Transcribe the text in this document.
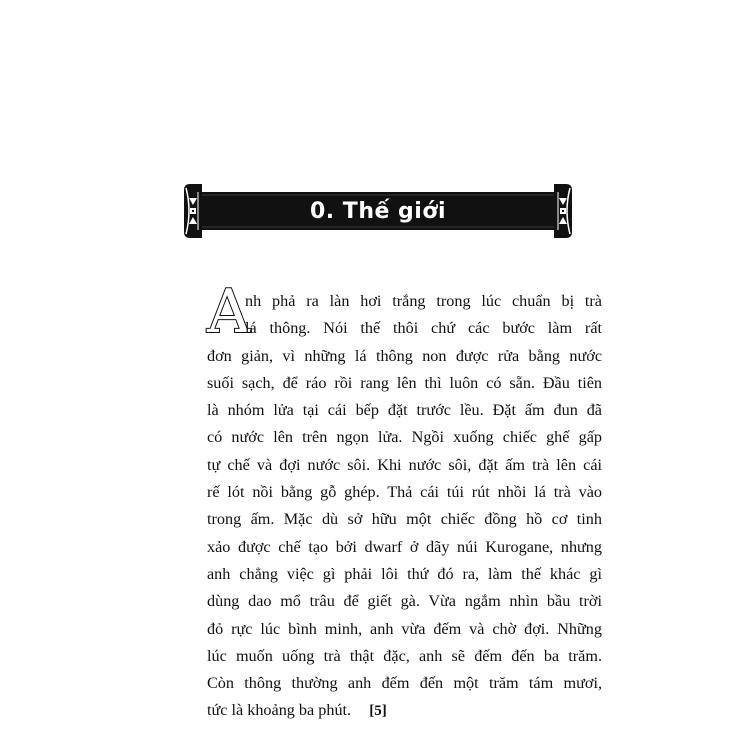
0. Thế giới
A
nh phả ra làn hơi trắng trong lúc chuẩn bị trà
lá thông. Nói thế thôi chứ các bước làm rất
đơn giản, vì những lá thông non được rửa bằng nước
suối sạch, để ráo rồi rang lên thì luôn có sẵn. Đầu tiên
là nhóm lửa tại cái bếp đặt trước lều. Đặt ấm đun đã
có nước lên trên ngọn lửa. Ngồi xuống chiếc ghế gấp
tự chế và đợi nước sôi. Khi nước sôi, đặt ấm trà lên cái
rế lót nồi bằng gỗ ghép. Thả cái túi rút nhồi lá trà vào
trong ấm. Mặc dù sở hữu một chiếc đồng hồ cơ tinh
xảo được chế tạo bởi dwarf ở dãy núi Kurogane, nhưng
anh chẳng việc gì phải lôi thứ đó ra, làm thế khác gì
dùng dao mổ trâu để giết gà. Vừa ngắm nhìn bầu trời
đỏ rực lúc bình minh, anh vừa đếm và chờ đợi. Những
lúc muốn uống trà thật đặc, anh sẽ đếm đến ba trăm.
Còn thông thường anh đếm đến một trăm tám mươi,
tức là khoảng ba phút.	[5]
